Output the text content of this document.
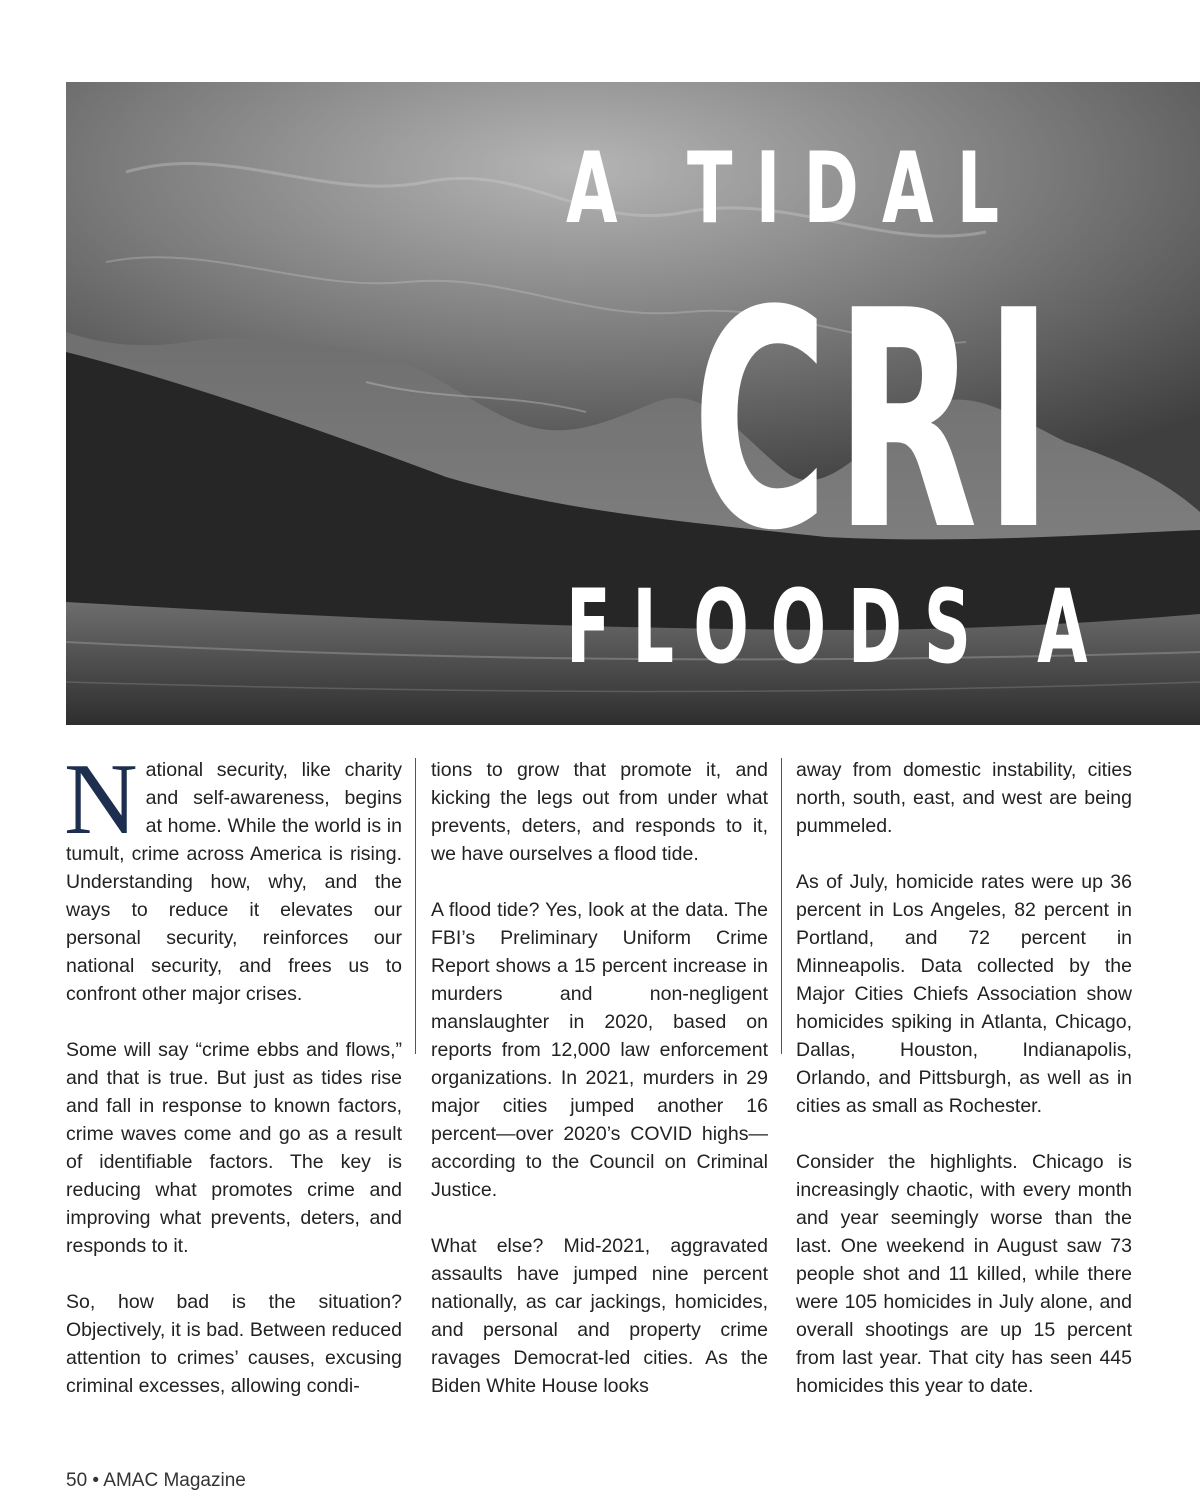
A TIDAL
CRI
FLOODS A

National security, like charity and self-awareness, begins at home. While the world is in tumult, crime across America is rising. Understanding how, why, and the ways to reduce it elevates our personal security, reinforces our national security, and frees us to confront other major crises.

Some will say “crime ebbs and flows,” and that is true. But just as tides rise and fall in response to known factors, crime waves come and go as a result of identifiable factors. The key is reducing what promotes crime and improving what prevents, deters, and responds to it.

So, how bad is the situation? Objectively, it is bad. Between reduced attention to crimes’ causes, excusing criminal excesses, allowing condi-

tions to grow that promote it, and kicking the legs out from under what prevents, deters, and responds to it, we have ourselves a flood tide.

A flood tide? Yes, look at the data. The FBI’s Preliminary Uniform Crime Report shows a 15 percent increase in murders and non-negligent manslaughter in 2020, based on reports from 12,000 law enforcement organizations. In 2021, murders in 29 major cities jumped another 16 percent—over 2020’s COVID highs—according to the Council on Criminal Justice.

What else? Mid-2021, aggravated assaults have jumped nine percent nationally, as car jackings, homicides, and personal and property crime ravages Democrat-led cities. As the Biden White House looks

away from domestic instability, cities north, south, east, and west are being pummeled.

As of July, homicide rates were up 36 percent in Los Angeles, 82 percent in Portland, and 72 percent in Minneapolis. Data collected by the Major Cities Chiefs Association show homicides spiking in Atlanta, Chicago, Dallas, Houston, Indianapolis, Orlando, and Pittsburgh, as well as in cities as small as Rochester.

Consider the highlights. Chicago is increasingly chaotic, with every month and year seemingly worse than the last. One weekend in August saw 73 people shot and 11 killed, while there were 105 homicides in July alone, and overall shootings are up 15 percent from last year. That city has seen 445 homicides this year to date.

50 • AMAC Magazine
